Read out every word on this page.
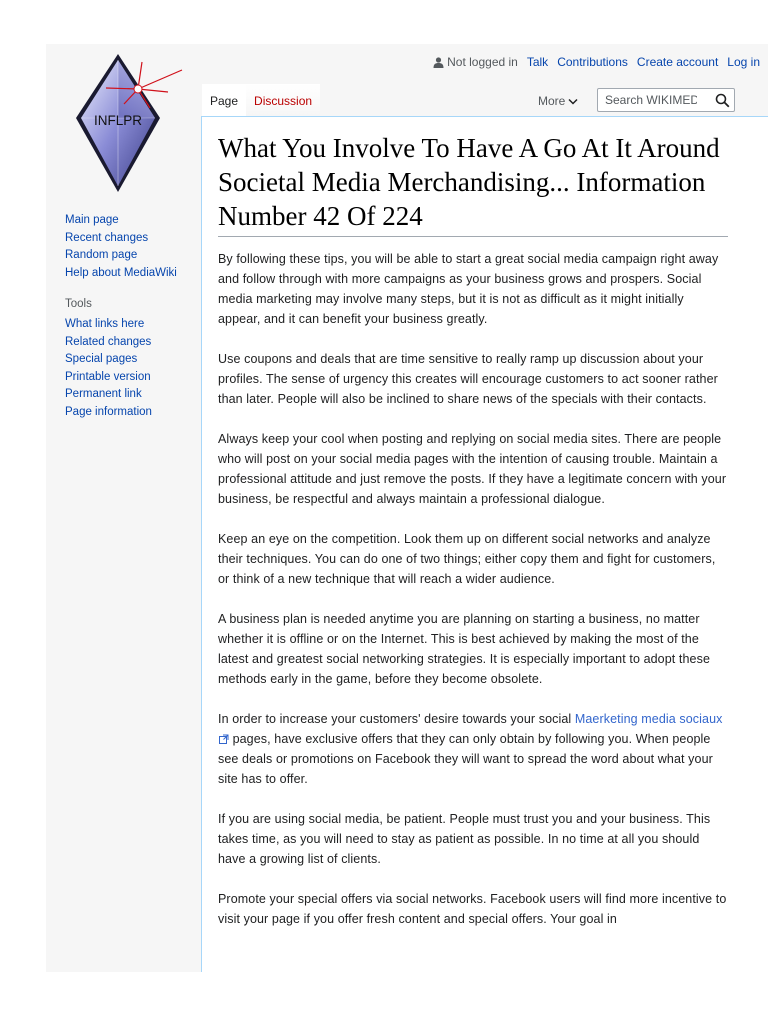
INFLPR
Not logged in Talk Contributions Create account Log in
Page	Discussion	More
Search WIKIMEDIA
Main page
Recent changes
Random page
Help about MediaWiki
Tools
What links here
Related changes
Special pages
Printable version
Permanent link
Page information
What You Involve To Have A Go At It Around Societal Media Merchandising... Information Number 42 Of 224

By following these tips, you will be able to start a great social media campaign right away and follow through with more campaigns as your business grows and prospers. Social media marketing may involve many steps, but it is not as difficult as it might initially appear, and it can benefit your business greatly.

Use coupons and deals that are time sensitive to really ramp up discussion about your profiles. The sense of urgency this creates will encourage customers to act sooner rather than later. People will also be inclined to share news of the specials with their contacts.

Always keep your cool when posting and replying on social media sites. There are people who will post on your social media pages with the intention of causing trouble. Maintain a professional attitude and just remove the posts. If they have a legitimate concern with your business, be respectful and always maintain a professional dialogue.

Keep an eye on the competition. Look them up on different social networks and analyze their techniques. You can do one of two things; either copy them and fight for customers, or think of a new technique that will reach a wider audience.

A business plan is needed anytime you are planning on starting a business, no matter whether it is offline or on the Internet. This is best achieved by making the most of the latest and greatest social networking strategies. It is especially important to adopt these methods early in the game, before they become obsolete.

In order to increase your customers' desire towards your social Maerketing media sociaux pages, have exclusive offers that they can only obtain by following you. When people see deals or promotions on Facebook they will want to spread the word about what your site has to offer.

If you are using social media, be patient. People must trust you and your business. This takes time, as you will need to stay as patient as possible. In no time at all you should have a growing list of clients.

Promote your special offers via social networks. Facebook users will find more incentive to visit your page if you offer fresh content and special offers. Your goal in
